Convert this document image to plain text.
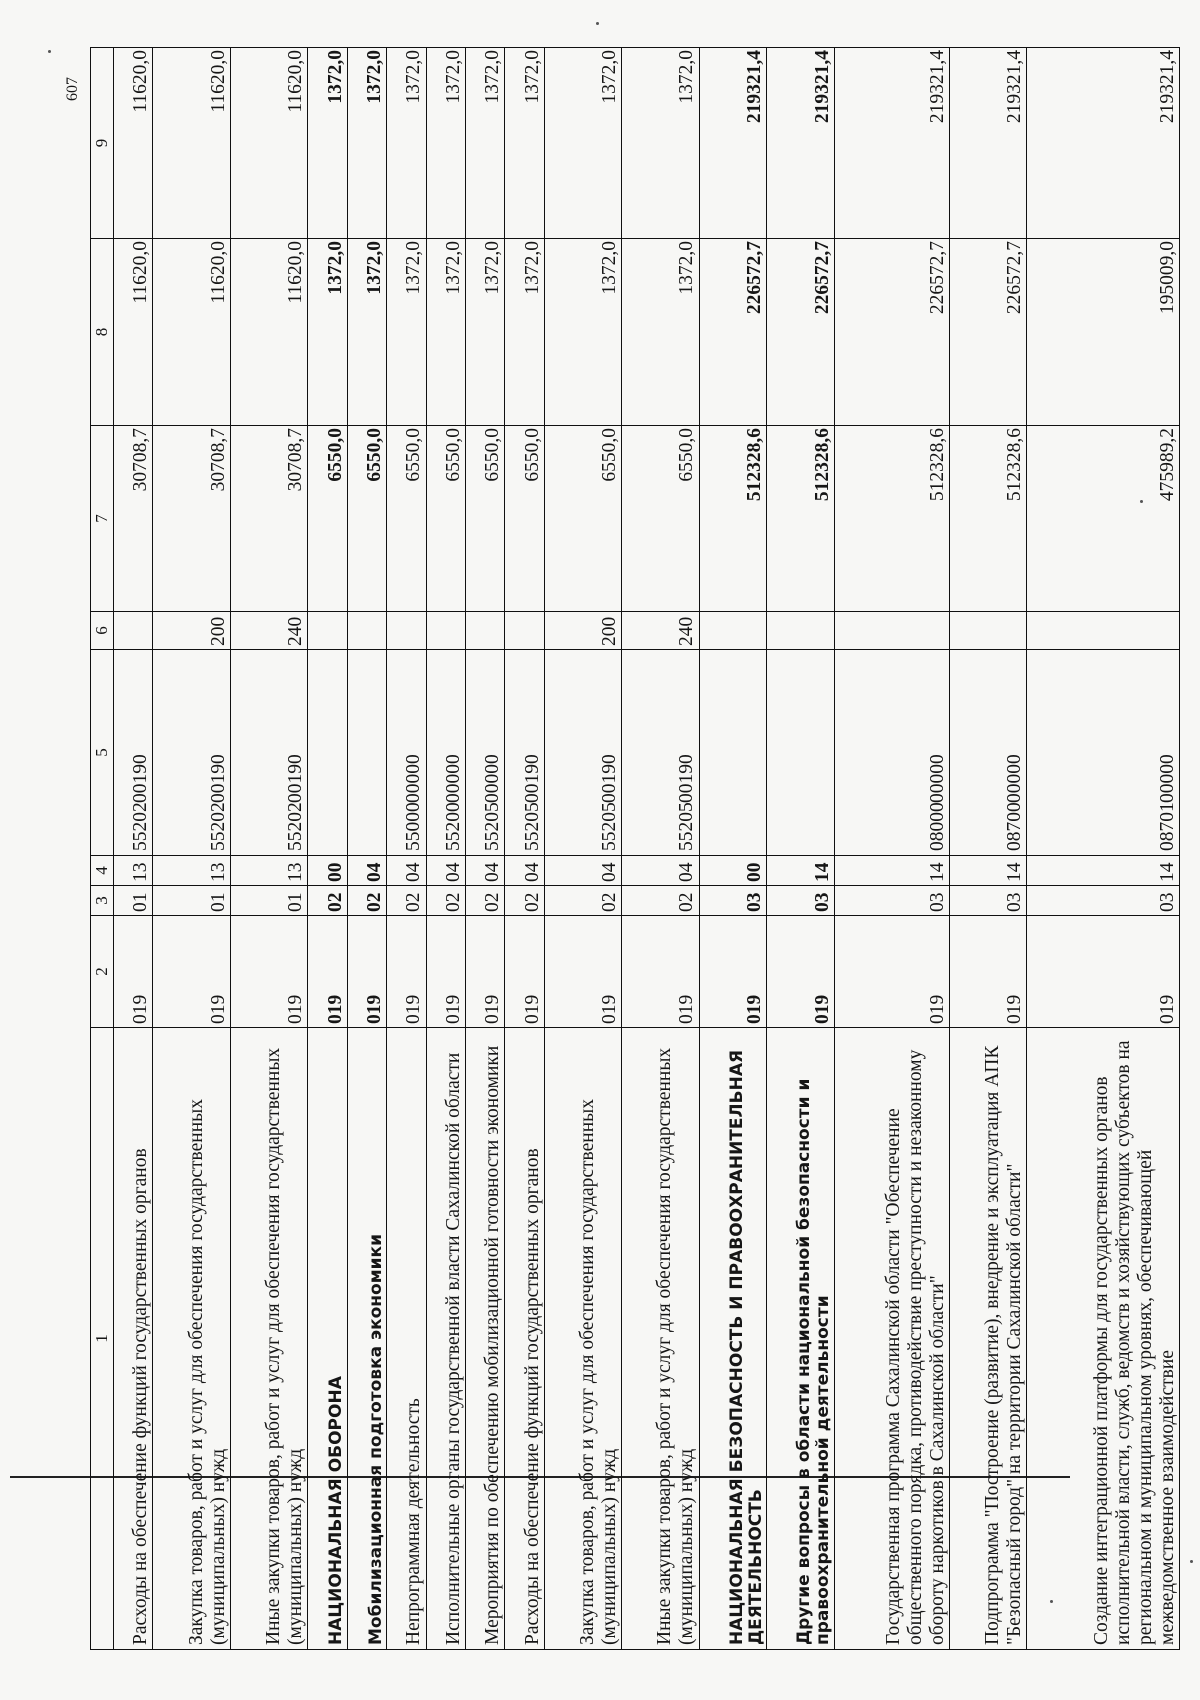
607
1	2	3	4	5	6	7	8	9
Расходы на обеспечение функций государственных органов	019	01	13	5520200190		30708,7	11620,0	11620,0
Закупка товаров, работ и услуг для обеспечения государственных (муниципальных) нужд	019	01	13	5520200190	200	30708,7	11620,0	11620,0
Иные закупки товаров, работ и услуг для обеспечения государственных (муниципальных) нужд	019	01	13	5520200190	240	30708,7	11620,0	11620,0
НАЦИОНАЛЬНАЯ ОБОРОНА	019	02	00			6550,0	1372,0	1372,0
Мобилизационная подготовка экономики	019	02	04			6550,0	1372,0	1372,0
Непрограммная деятельность	019	02	04	5500000000		6550,0	1372,0	1372,0
Исполнительные органы государственной власти Сахалинской области	019	02	04	5520000000		6550,0	1372,0	1372,0
Мероприятия по обеспечению мобилизационной готовности экономики	019	02	04	5520500000		6550,0	1372,0	1372,0
Расходы на обеспечение функций государственных органов	019	02	04	5520500190		6550,0	1372,0	1372,0
Закупка товаров, работ и услуг для обеспечения государственных (муниципальных) нужд	019	02	04	5520500190	200	6550,0	1372,0	1372,0
Иные закупки товаров, работ и услуг для обеспечения государственных (муниципальных) нужд	019	02	04	5520500190	240	6550,0	1372,0	1372,0
НАЦИОНАЛЬНАЯ БЕЗОПАСНОСТЬ И ПРАВООХРАНИТЕЛЬНАЯ ДЕЯТЕЛЬНОСТЬ	019	03	00			512328,6	226572,7	219321,4
Другие вопросы в области национальной безопасности и правоохранительной деятельности	019	03	14			512328,6	226572,7	219321,4
Государственная программа Сахалинской области "Обеспечение общественного порядка, противодействие преступности и незаконному обороту наркотиков в Сахалинской области"	019	03	14	0800000000		512328,6	226572,7	219321,4
Подпрограмма "Построение (развитие), внедрение и эксплуатация АПК "Безопасный город" на территории Сахалинской области"	019	03	14	0870000000		512328,6	226572,7	219321,4
Создание интеграционной платформы для государственных органов исполнительной власти, служб, ведомств и хозяйствующих субъектов на региональном и муниципальном уровнях, обеспечивающей межведомственное взаимодействие	019	03	14	0870100000		475989,2	195009,0	219321,4
